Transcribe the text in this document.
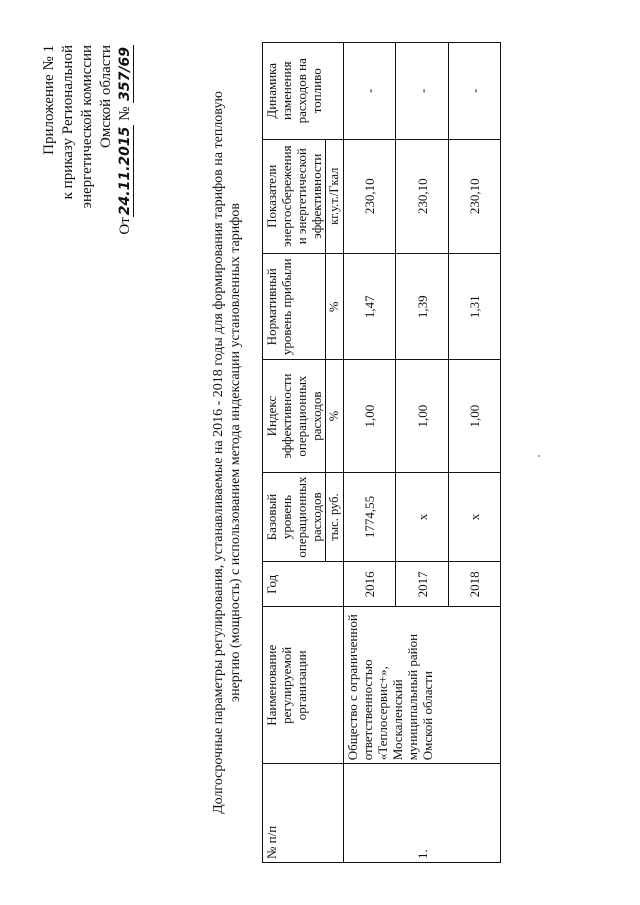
Приложение № 1 к приказу Региональной энергетической комиссии Омской области
От24.11.2015 № 357/69
Долгосрочные параметры регулирования, устанавливаемые на 2016 - 2018 годы для формирования тарифов на тепловую энергию (мощность) с использованием метода индексации установленных тарифов
№ п/п	Наименование регулируемой организации	Год	Базовый уровень операционных расходов	Индекс эффективности операционных расходов	Нормативный уровень прибыли	Показатели энергосбережения и энергетической эффективности	Динамика изменения расходов на топливо
			тыс. руб.	%	%	кг.у.т./Гкал	
1.	Общество с ограниченной ответственностью «Теплосервис+», Москаленский муниципальный район Омской области	2016	1774,55	1,00	1,47	230,10	-
		2017	x	1,00	1,39	230,10	-
		2018	x	1,00	1,31	230,10	-
